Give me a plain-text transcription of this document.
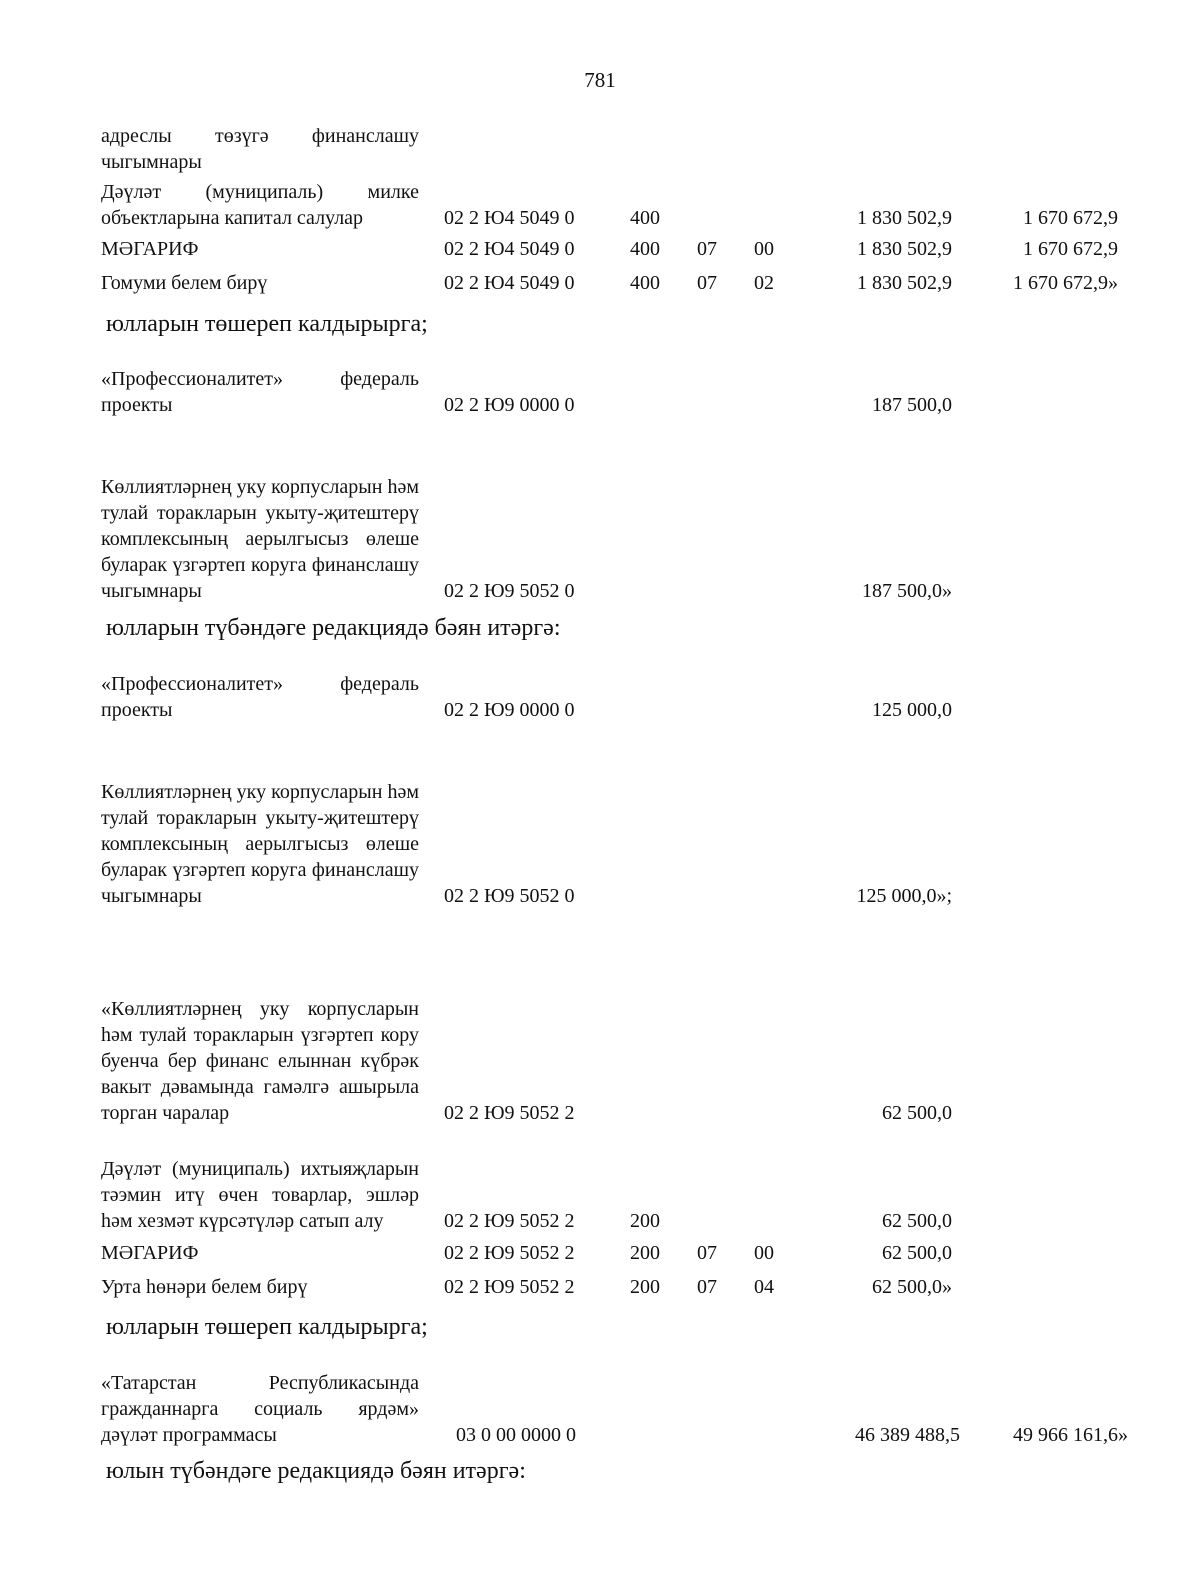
781
адреслы төзүгә финанслашу чыгымнары
Дәүләт (муниципаль) милке объектларына капитал салулар	02 2 Ю4 5049 0	400	1 830 502,9	1 670 672,9
МӘГАРИФ	02 2 Ю4 5049 0	400 07 00	1 830 502,9	1 670 672,9
Гомуми белем бирү	02 2 Ю4 5049 0	400 07 02	1 830 502,9	1 670 672,9»
юлларын төшереп калдырырга;
«Профессионалитет» федераль проекты	02 2 Ю9 0000 0	187 500,0
Көллиятләрнең уку корпусларын һәм тулай торакларын укыту-җитештерү комплексының аерылгысыз өлеше буларак үзгәртеп коруга финанслашу чыгымнары	02 2 Ю9 5052 0	187 500,0»
юлларын түбәндәге редакциядә бәян итәргә:
«Профессионалитет» федераль проекты	02 2 Ю9 0000 0	125 000,0
Көллиятләрнең уку корпусларын һәм тулай торакларын укыту-җитештерү комплексының аерылгысыз өлеше буларак үзгәртеп коруга финанслашу чыгымнары	02 2 Ю9 5052 0	125 000,0»;
«Көллиятләрнең уку корпусларын һәм тулай торакларын үзгәртеп кору буенча бер финанс елыннан күбрәк вакыт дәвамында гамәлгә ашырыла торган чаралар	02 2 Ю9 5052 2	62 500,0
Дәүләт (муниципаль) ихтыяҗларын тәэмин итү өчен товарлар, эшләр һәм хезмәт күрсәтүләр сатып алу	02 2 Ю9 5052 2	200	62 500,0
МӘГАРИФ	02 2 Ю9 5052 2	200 07 00	62 500,0
Урта һөнәри белем бирү	02 2 Ю9 5052 2	200 07 04	62 500,0»
юлларын төшереп калдырырга;
«Татарстан Республикасында гражданнарга социаль ярдәм» дәүләт программасы	03 0 00 0000 0	46 389 488,5	49 966 161,6»
юлын түбәндәге редакциядә бәян итәргә:
